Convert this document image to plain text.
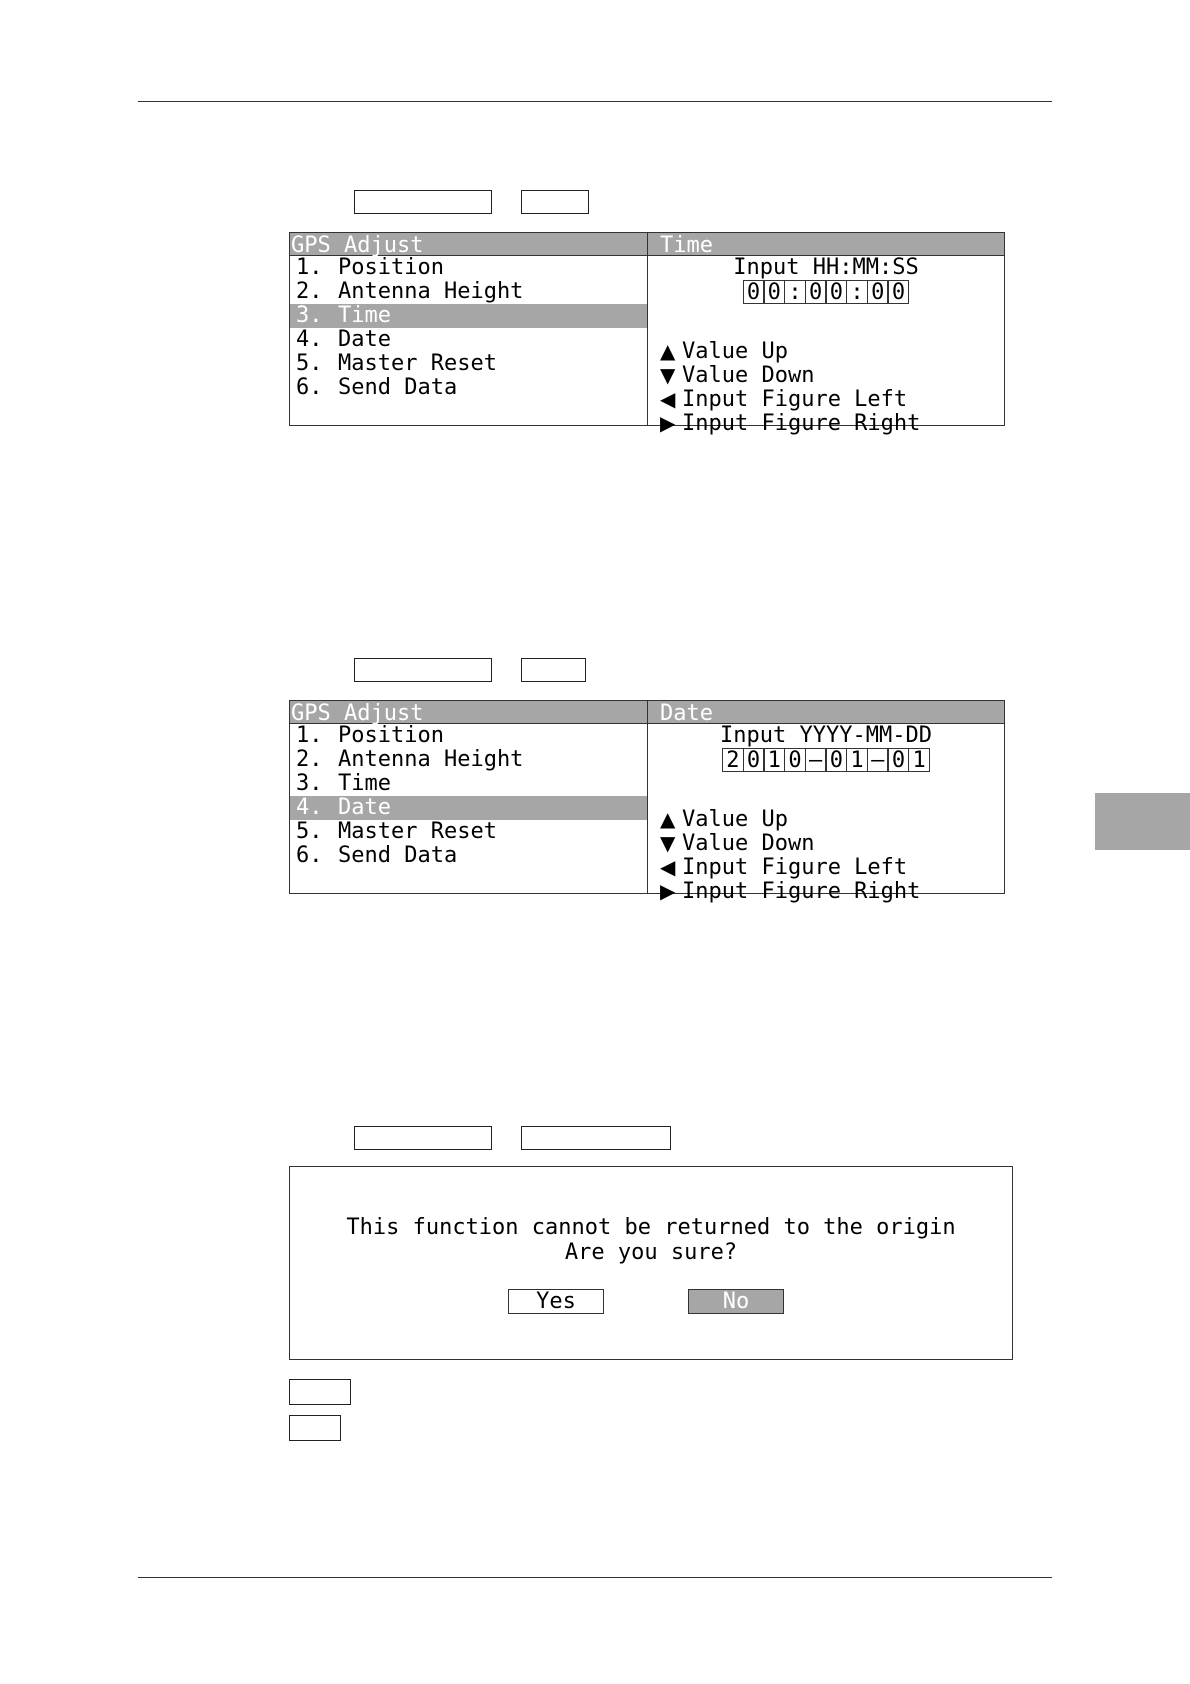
GPS Adjust
1. Position
2. Antenna Height
3. Time
4. Date
5. Master Reset
6. Send Data
Time
Input HH:MM:SS
0 0 : 0 0 : 0 0
▲ Value Up
▼ Value Down
◀ Input Figure Left
▶ Input Figure Right
GPS Adjust
1. Position
2. Antenna Height
3. Time
4. Date
5. Master Reset
6. Send Data
Date
Input YYYY-MM-DD
2 0 1 0 — 0 1 — 0 1
▲ Value Up
▼ Value Down
◀ Input Figure Left
▶ Input Figure Right
This function cannot be returned to the origin
Are you sure?
Yes	No
